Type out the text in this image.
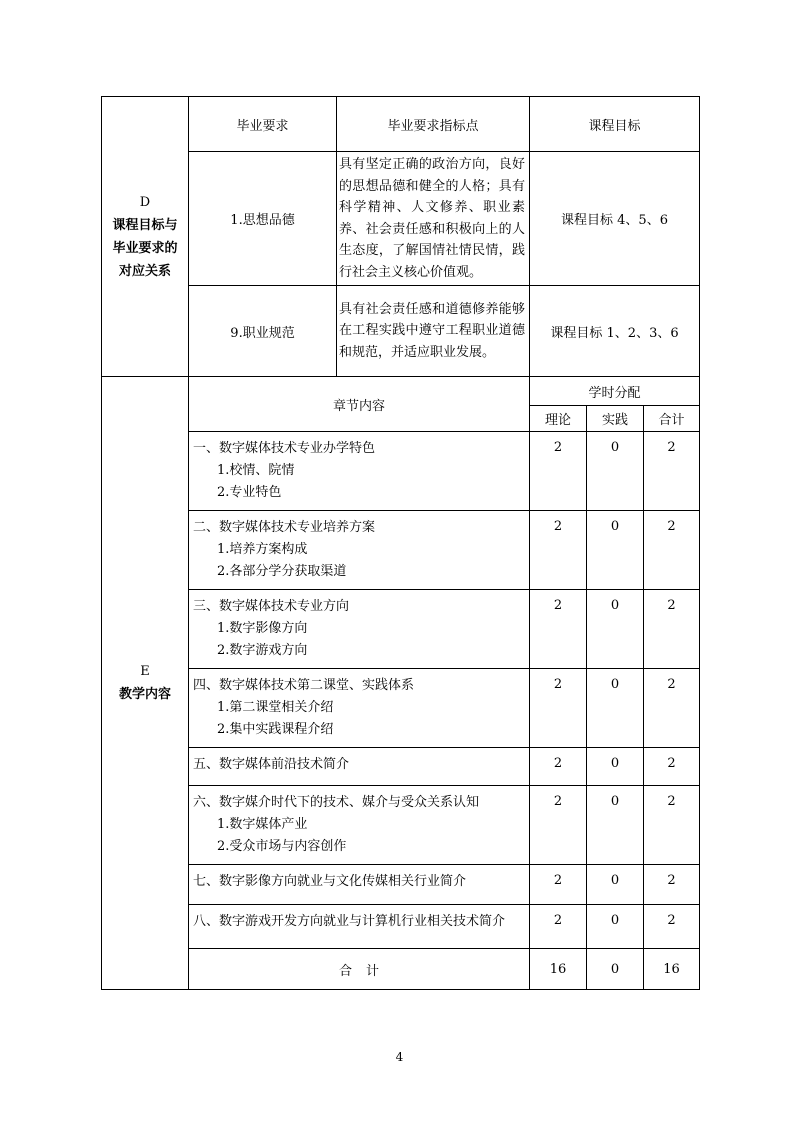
D
课程目标与
毕业要求的
对应关系	毕业要求	毕业要求指标点	课程目标		
	1.思想品德	具有坚定正确的政治方向，良好的思想品德和健全的人格；具有科学精神、人文修养、职业素养、社会责任感和积极向上的人生态度，了解国情社情民情，践行社会主义核心价值观。	课程目标 4、5、6		
	9.职业规范	具有社会责任感和道德修养能够在工程实践中遵守工程职业道德和规范，并适应职业发展。	课程目标 1、2、3、6		

E
教学内容	章节内容		学时分配		
			理论	实践	合计

	一、数字媒体技术专业办学特色
1.校情、院情
2.专业特色		2	0	2

	二、数字媒体技术专业培养方案
1.培养方案构成
2.各部分学分获取渠道		2	0	2

	三、数字媒体技术专业方向
1.数字影像方向
2.数字游戏方向		2	0	2

	四、数字媒体技术第二课堂、实践体系
1.第二课堂相关介绍
2.集中实践课程介绍		2	0	2

	五、数字媒体前沿技术简介		2	0	2

	六、数字媒介时代下的技术、媒介与受众关系认知
1.数字媒体产业
2.受众市场与内容创作		2	0	2

	七、数字影像方向就业与文化传媒相关行业简介		2	0	2

	八、数字游戏开发方向就业与计算机行业相关技术简介		2	0	2
	合计		16	0	16
4
